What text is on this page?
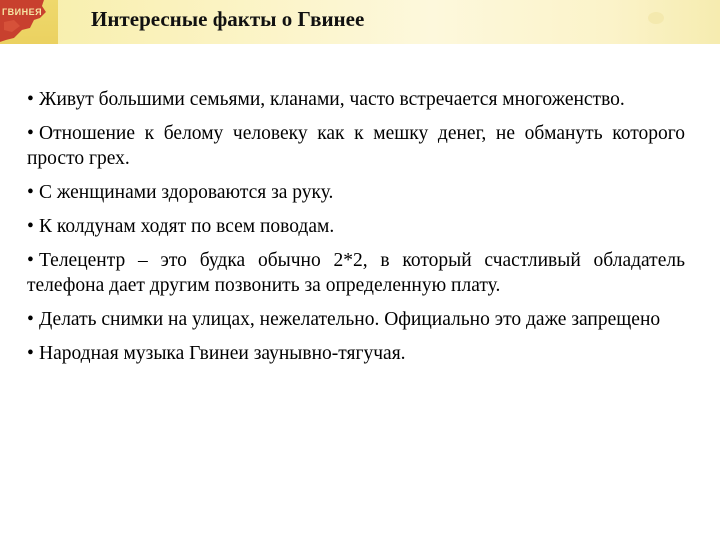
ГВИНЕЯ Интересные факты о Гвинее
• Живут большими семьями, кланами, часто встречается многоженство.
• Отношение к белому человеку как к мешку денег, не обмануть которого просто грех.
• С женщинами здороваются за руку.
• К колдунам ходят по всем поводам.
• Телецентр – это будка обычно 2*2, в который счастливый обладатель телефона дает другим позвонить за определенную плату.
• Делать снимки на улицах, нежелательно. Официально это даже запрещено
• Народная музыка Гвинеи заунывно-тягучая.
